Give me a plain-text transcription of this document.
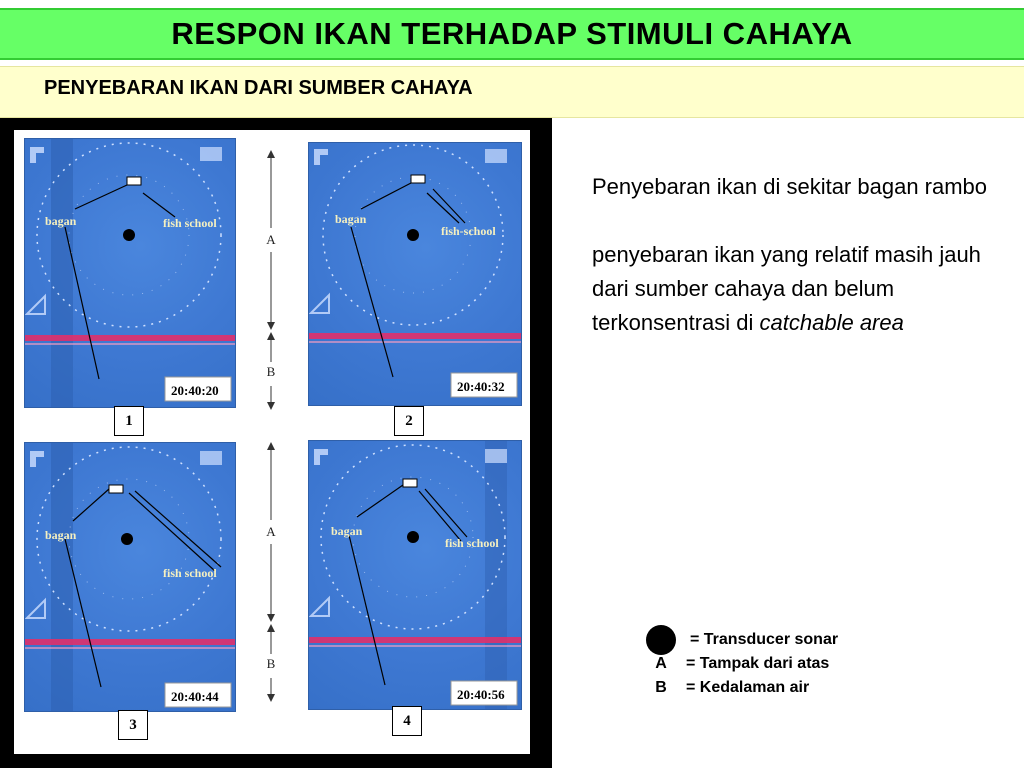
RESPON IKAN TERHADAP STIMULI CAHAYA
PENYEBARAN IKAN DARI SUMBER CAHAYA
bagan	fish school
20:40:20
bagan
fish-school
20:40:32
bagan
fish school
20:40:44
bagan
fish school
20:40:56
A
B
A
B
1	2
3	4

Penyebaran ikan di sekitar bagan rambo

penyebaran ikan yang relatif masih jauh dari sumber cahaya dan belum terkonsentrasi di catchable area

= Transducer sonar
A	= Tampak dari atas
B	= Kedalaman air
